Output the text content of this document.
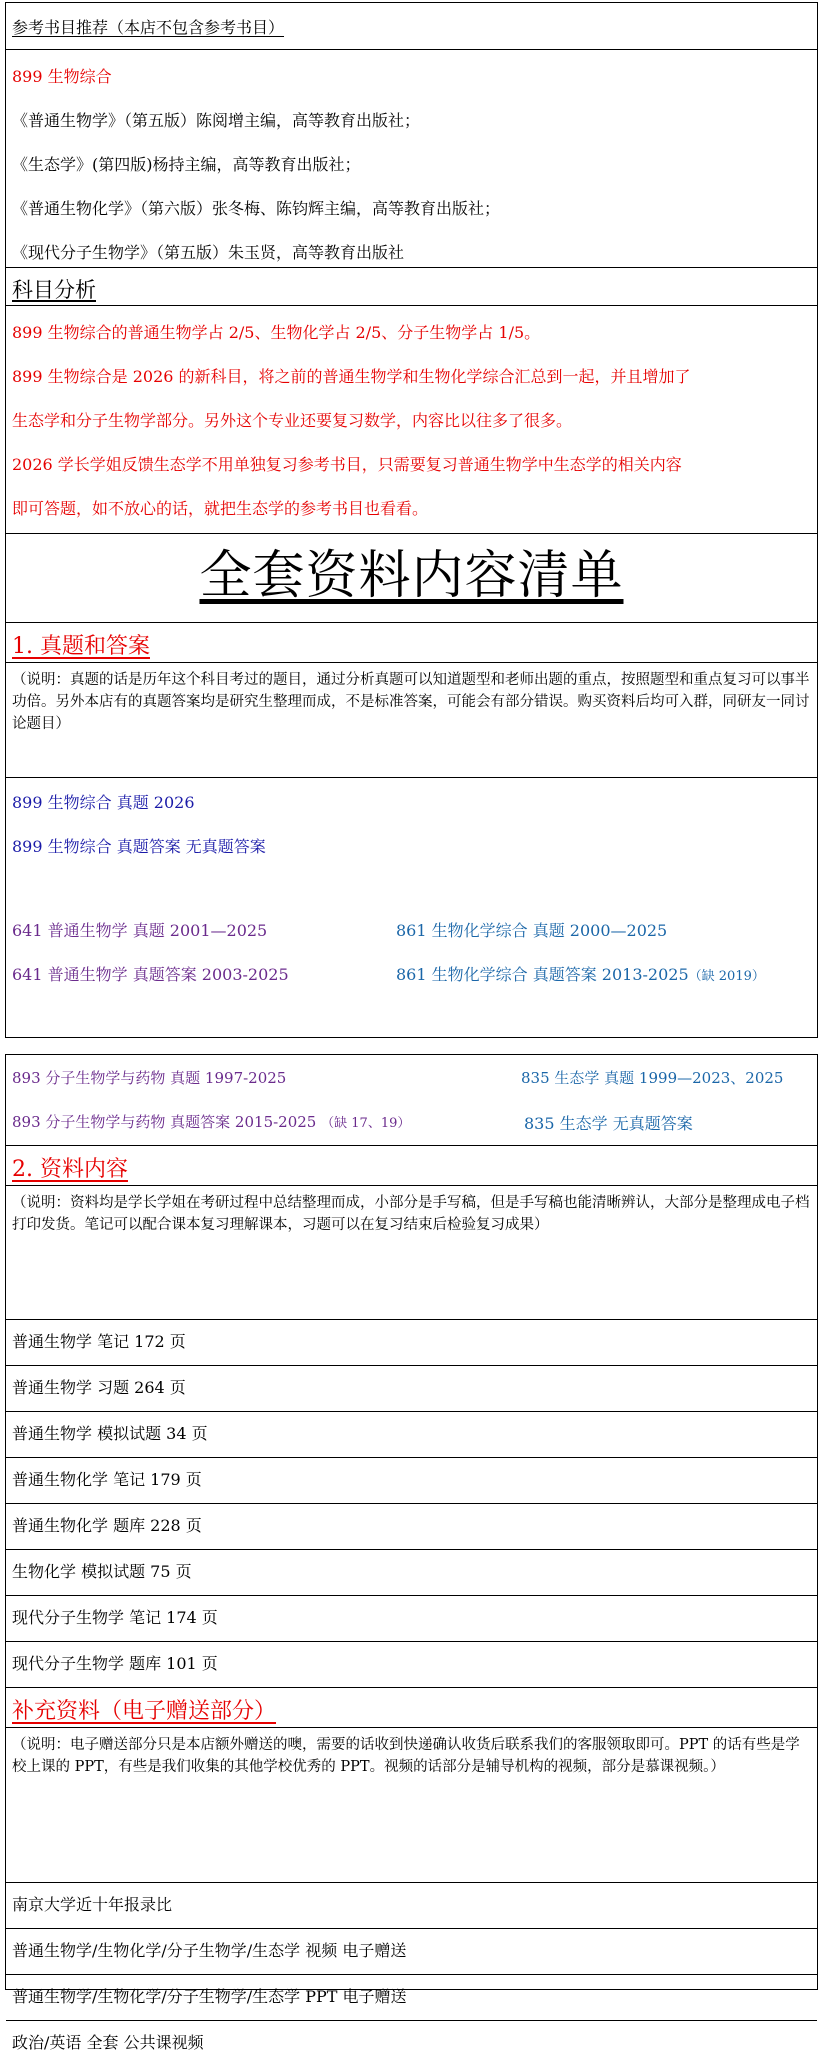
参考书目推荐（本店不包含参考书目）
899 生物综合
《普通生物学》（第五版）陈阅增主编，高等教育出版社；
《生态学》(第四版)杨持主编，高等教育出版社；
《普通生物化学》（第六版）张冬梅、陈钧辉主编，高等教育出版社；
《现代分子生物学》（第五版）朱玉贤，高等教育出版社
科目分析
899 生物综合的普通生物学占 2/5、生物化学占 2/5、分子生物学占 1/5。
899 生物综合是 2026 的新科目，将之前的普通生物学和生物化学综合汇总到一起，并且增加了
生态学和分子生物学部分。另外这个专业还要复习数学，内容比以往多了很多。
2026 学长学姐反馈生态学不用单独复习参考书目，只需要复习普通生物学中生态学的相关内容
即可答题，如不放心的话，就把生态学的参考书目也看看。
全套资料内容清单
1. 真题和答案
（说明：真题的话是历年这个科目考过的题目，通过分析真题可以知道题型和老师出题的重点，按照题型和重点复习可以事半功倍。另外本店有的真题答案均是研究生整理而成，不是标准答案，可能会有部分错误。购买资料后均可入群，同研友一同讨论题目）
899 生物综合 真题 2026
899 生物综合 真题答案 无真题答案
641 普通生物学 真题 2001—2025
641 普通生物学 真题答案 2003-2025
861 生物化学综合 真题 2000—2025
861 生物化学综合 真题答案 2013-2025（缺 2019）
893 分子生物学与药物 真题 1997-2025
893 分子生物学与药物 真题答案 2015-2025 （缺 17、19）
835 生态学 真题 1999—2023、2025
835 生态学 无真题答案
2. 资料内容
（说明：资料均是学长学姐在考研过程中总结整理而成，小部分是手写稿，但是手写稿也能清晰辨认，大部分是整理成电子档打印发货。笔记可以配合课本复习理解课本，习题可以在复习结束后检验复习成果）
普通生物学 笔记 172 页
普通生物学 习题 264 页
普通生物学 模拟试题 34 页
普通生物化学 笔记 179 页
普通生物化学 题库 228 页
生物化学 模拟试题 75 页
现代分子生物学 笔记 174 页
现代分子生物学 题库 101 页
补充资料（电子赠送部分）
（说明：电子赠送部分只是本店额外赠送的噢，需要的话收到快递确认收货后联系我们的客服领取即可。PPT 的话有些是学校上课的 PPT，有些是我们收集的其他学校优秀的 PPT。视频的话部分是辅导机构的视频，部分是慕课视频。）
南京大学近十年报录比
普通生物学/生物化学/分子生物学/生态学 视频 电子赠送
普通生物学/生物化学/分子生物学/生态学 PPT 电子赠送
政治/英语 全套 公共课视频
